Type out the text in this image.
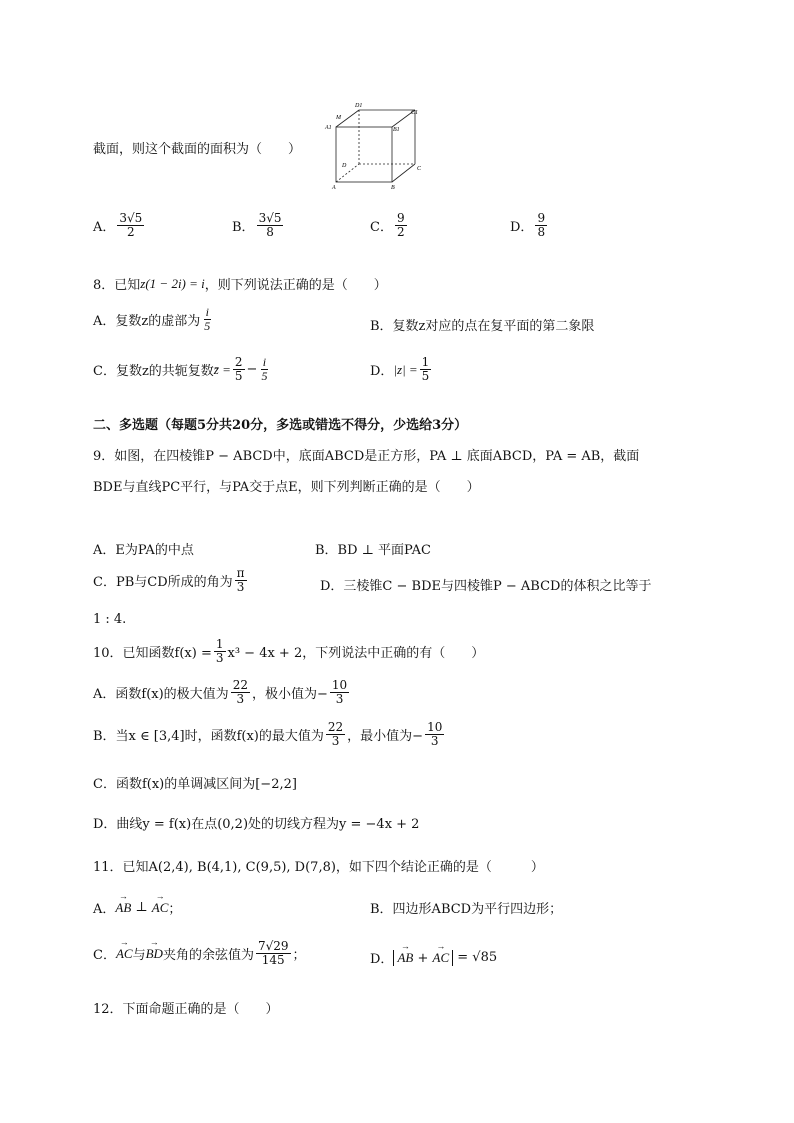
截面，则这个截面的面积为（　　）
D1
C1
M
A1	B1
D	C
A	B
A． $\frac{3√5}{2}$	B． $\frac{3√5}{8}$	C． $\frac{9}{2}$	D． $\frac{9}{8}$
8．已知 z(1 − 2i) = i ，则下列说法正确的是（　　）
A．复数z的虚部为 $\frac{i}{5}$	B．复数z对应的点在复平面的第二象限
C．复数z的共轭复数 z̄ = $\frac{2}{5} - \frac{i}{5}$	D． $|z| = \frac{1}{5}$
二、多选题（每题5分共20分，多选或错选不得分，少选给3分）
9．如图，在四棱锥P − ABCD中，底面ABCD是正方形，PA ⊥ 底面ABCD，PA = AB，截面
BDE与直线PC平行，与PA交于点E，则下列判断正确的是（　　）
A．E为PA的中点	B．BD ⊥ 平面PAC
C．PB与CD所成的角为 $\frac{\pi}{3}$	D．三棱锥C − BDE与四棱锥P − ABCD的体积之比等于
1 : 4.
10．已知函数$f(x) = \frac{1}{3} x^3 - 4x + 2$，下列说法中正确的有（　　）
A．函数f(x)的极大值为 $\frac{22}{3}$ ，极小值为− $\frac{10}{3}$
B．当x ∈ [3,4]时，函数f(x)的最大值为 $\frac{22}{3}$ ，最小值为− $\frac{10}{3}$
C．函数f(x)的单调减区间为[−2,2]
D．曲线y = f(x)在点(0,2)处的切线方程为y = −4x + 2
11．已知A(2,4), B(4,1), C(9,5), D(7,8)，如下四个结论正确的是（　　　）
A． → AB
⊥
→ AC ；	B．四边形ABCD为平行四边形；
C． → AC 与 → BD 夹角的余弦值为 $\frac{7√29}{145}$ ；	D． → AB + → AC
= √85
12．下面命题正确的是（　　）
